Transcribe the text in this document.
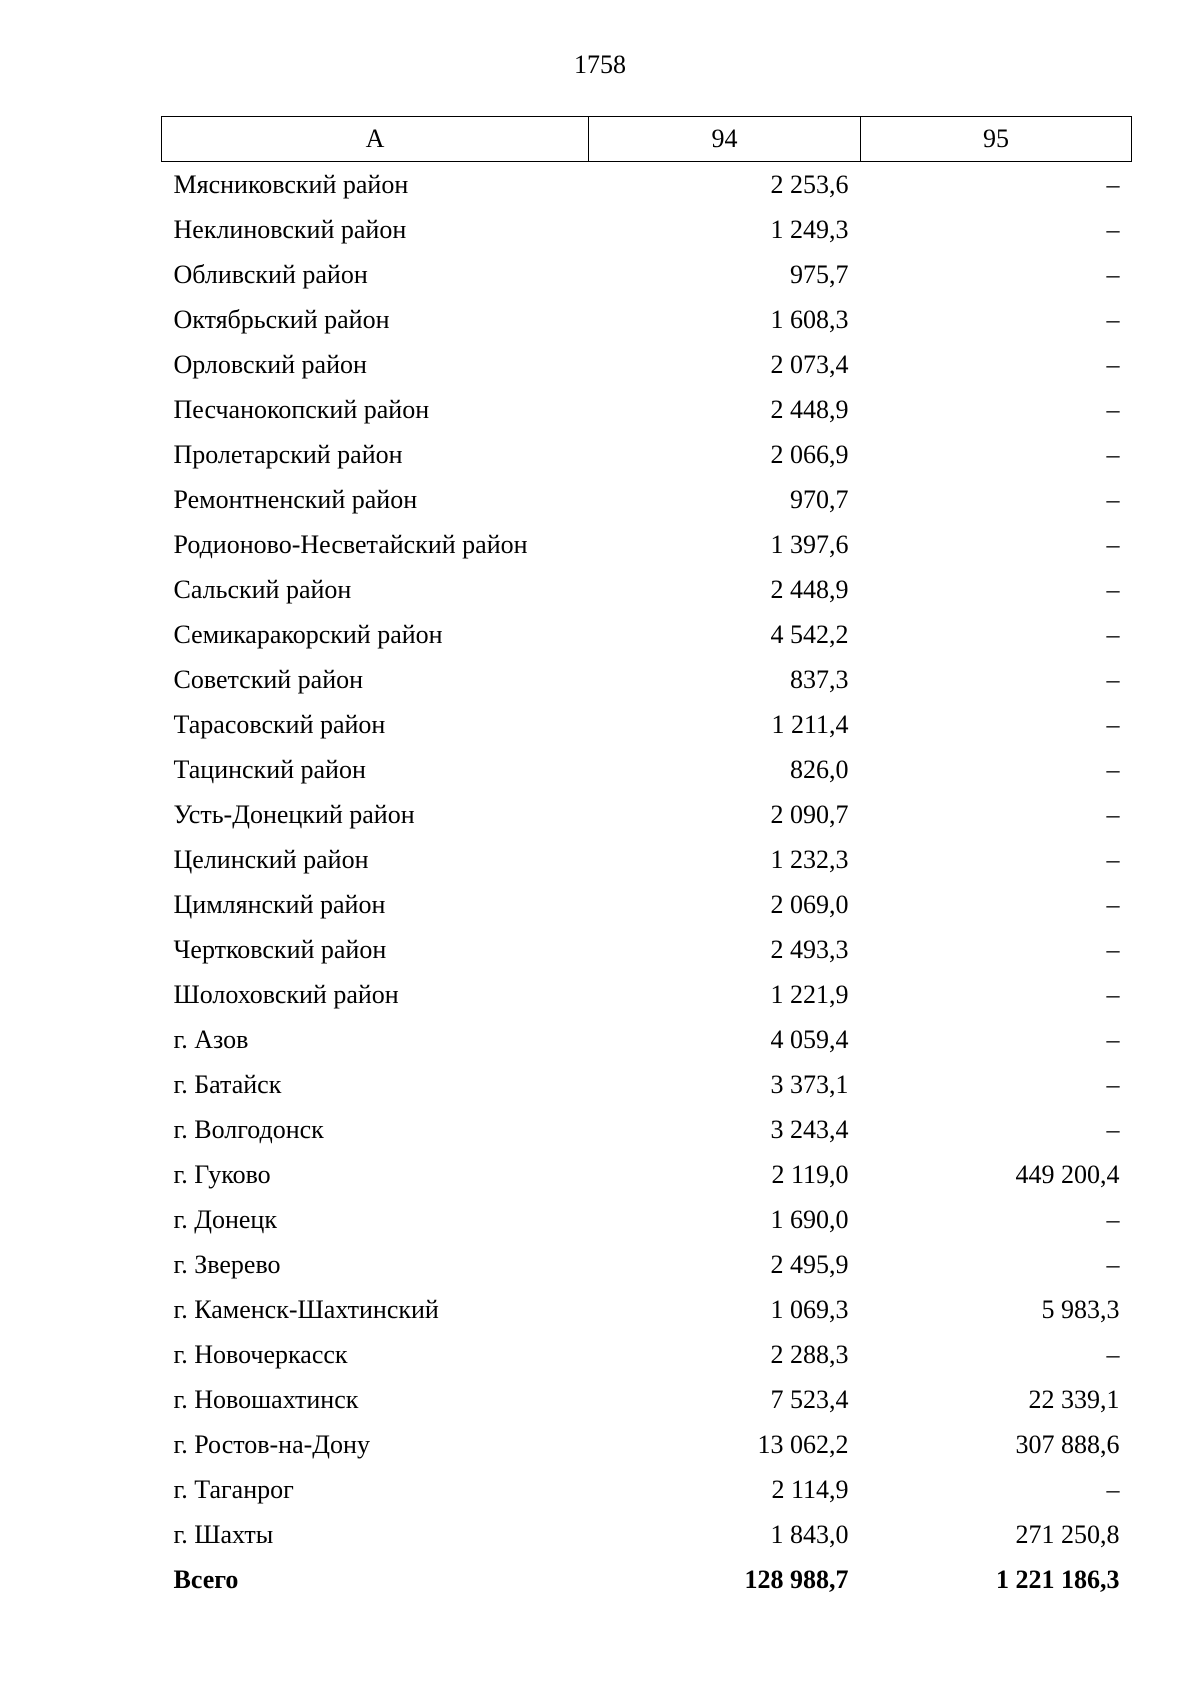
1758
А	94	95
Мясниковский район	2 253,6	–
Неклиновский район	1 249,3	–
Обливский район	975,7	–
Октябрьский район	1 608,3	–
Орловский район	2 073,4	–
Песчанокопский район	2 448,9	–
Пролетарский район	2 066,9	–
Ремонтненский район	970,7	–
Родионово-Несветайский район	1 397,6	–
Сальский район	2 448,9	–
Семикаракорский район	4 542,2	–
Советский район	837,3	–
Тарасовский район	1 211,4	–
Тацинский район	826,0	–
Усть-Донецкий район	2 090,7	–
Целинский район	1 232,3	–
Цимлянский район	2 069,0	–
Чертковский район	2 493,3	–
Шолоховский район	1 221,9	–
г. Азов	4 059,4	–
г. Батайск	3 373,1	–
г. Волгодонск	3 243,4	–
г. Гуково	2 119,0	449 200,4
г. Донецк	1 690,0	–
г. Зверево	2 495,9	–
г. Каменск-Шахтинский	1 069,3	5 983,3
г. Новочеркасск	2 288,3	–
г. Новошахтинск	7 523,4	22 339,1
г. Ростов-на-Дону	13 062,2	307 888,6
г. Таганрог	2 114,9	–
г. Шахты	1 843,0	271 250,8
Всего	128 988,7	1 221 186,3
